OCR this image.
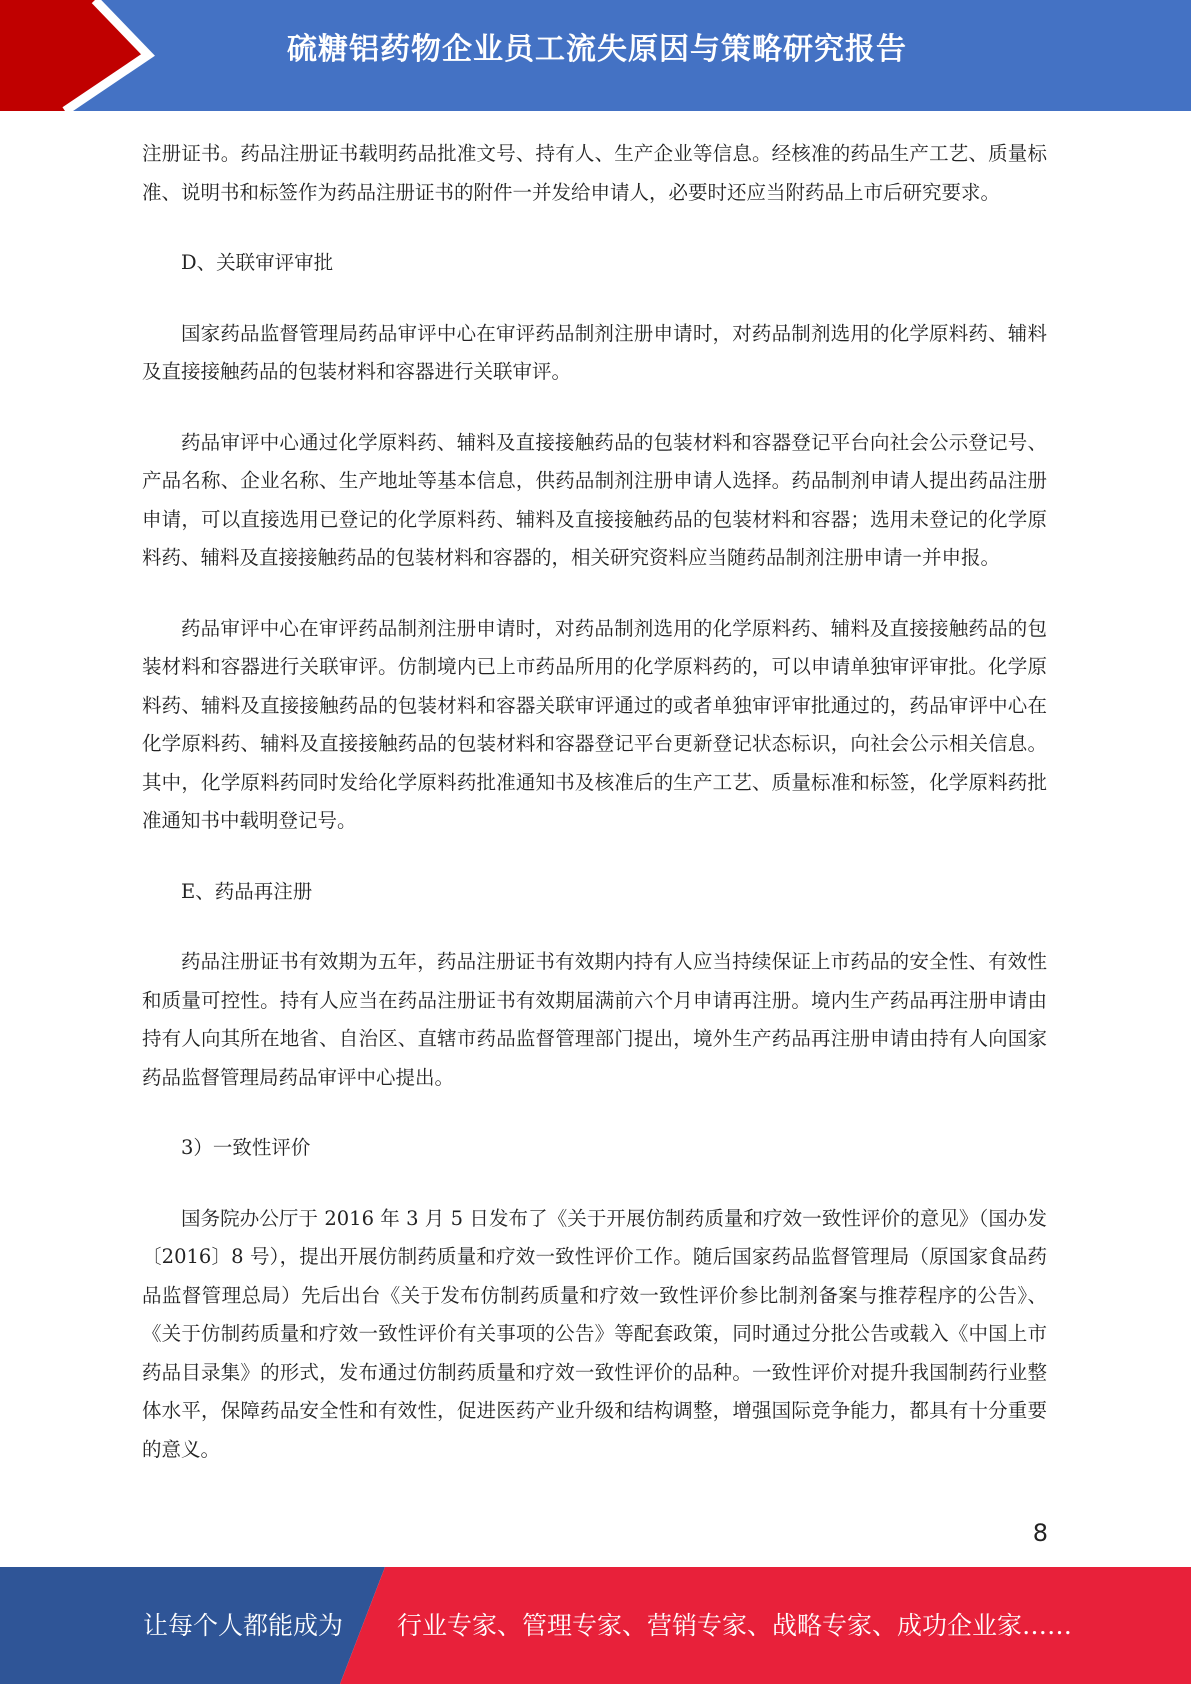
硫糖铝药物企业员工流失原因与策略研究报告

注册证书。药品注册证书载明药品批准文号、持有人、生产企业等信息。经核准的药品生产工艺、质量标准、说明书和标签作为药品注册证书的附件一并发给申请人，必要时还应当附药品上市后研究要求。

D、关联审评审批

国家药品监督管理局药品审评中心在审评药品制剂注册申请时，对药品制剂选用的化学原料药、辅料及直接接触药品的包装材料和容器进行关联审评。

药品审评中心通过化学原料药、辅料及直接接触药品的包装材料和容器登记平台向社会公示登记号、产品名称、企业名称、生产地址等基本信息，供药品制剂注册申请人选择。药品制剂申请人提出药品注册申请，可以直接选用已登记的化学原料药、辅料及直接接触药品的包装材料和容器；选用未登记的化学原料药、辅料及直接接触药品的包装材料和容器的，相关研究资料应当随药品制剂注册申请一并申报。

药品审评中心在审评药品制剂注册申请时，对药品制剂选用的化学原料药、辅料及直接接触药品的包装材料和容器进行关联审评。仿制境内已上市药品所用的化学原料药的，可以申请单独审评审批。化学原料药、辅料及直接接触药品的包装材料和容器关联审评通过的或者单独审评审批通过的，药品审评中心在化学原料药、辅料及直接接触药品的包装材料和容器登记平台更新登记状态标识，向社会公示相关信息。其中，化学原料药同时发给化学原料药批准通知书及核准后的生产工艺、质量标准和标签，化学原料药批准通知书中载明登记号。

E、药品再注册

药品注册证书有效期为五年，药品注册证书有效期内持有人应当持续保证上市药品的安全性、有效性和质量可控性。持有人应当在药品注册证书有效期届满前六个月申请再注册。境内生产药品再注册申请由持有人向其所在地省、自治区、直辖市药品监督管理部门提出，境外生产药品再注册申请由持有人向国家药品监督管理局药品审评中心提出。

3）一致性评价

国务院办公厅于 2016 年 3 月 5 日发布了《关于开展仿制药质量和疗效一致性评价的意见》（国办发〔2016〕8 号），提出开展仿制药质量和疗效一致性评价工作。随后国家药品监督管理局（原国家食品药品监督管理总局）先后出台《关于发布仿制药质量和疗效一致性评价参比制剂备案与推荐程序的公告》、《关于仿制药质量和疗效一致性评价有关事项的公告》等配套政策，同时通过分批公告或载入《中国上市药品目录集》的形式，发布通过仿制药质量和疗效一致性评价的品种。一致性评价对提升我国制药行业整体水平，保障药品安全性和有效性，促进医药产业升级和结构调整，增强国际竞争能力，都具有十分重要的意义。

8
让每个人都能成为 行业专家、管理专家、营销专家、战略专家、成功企业家……
